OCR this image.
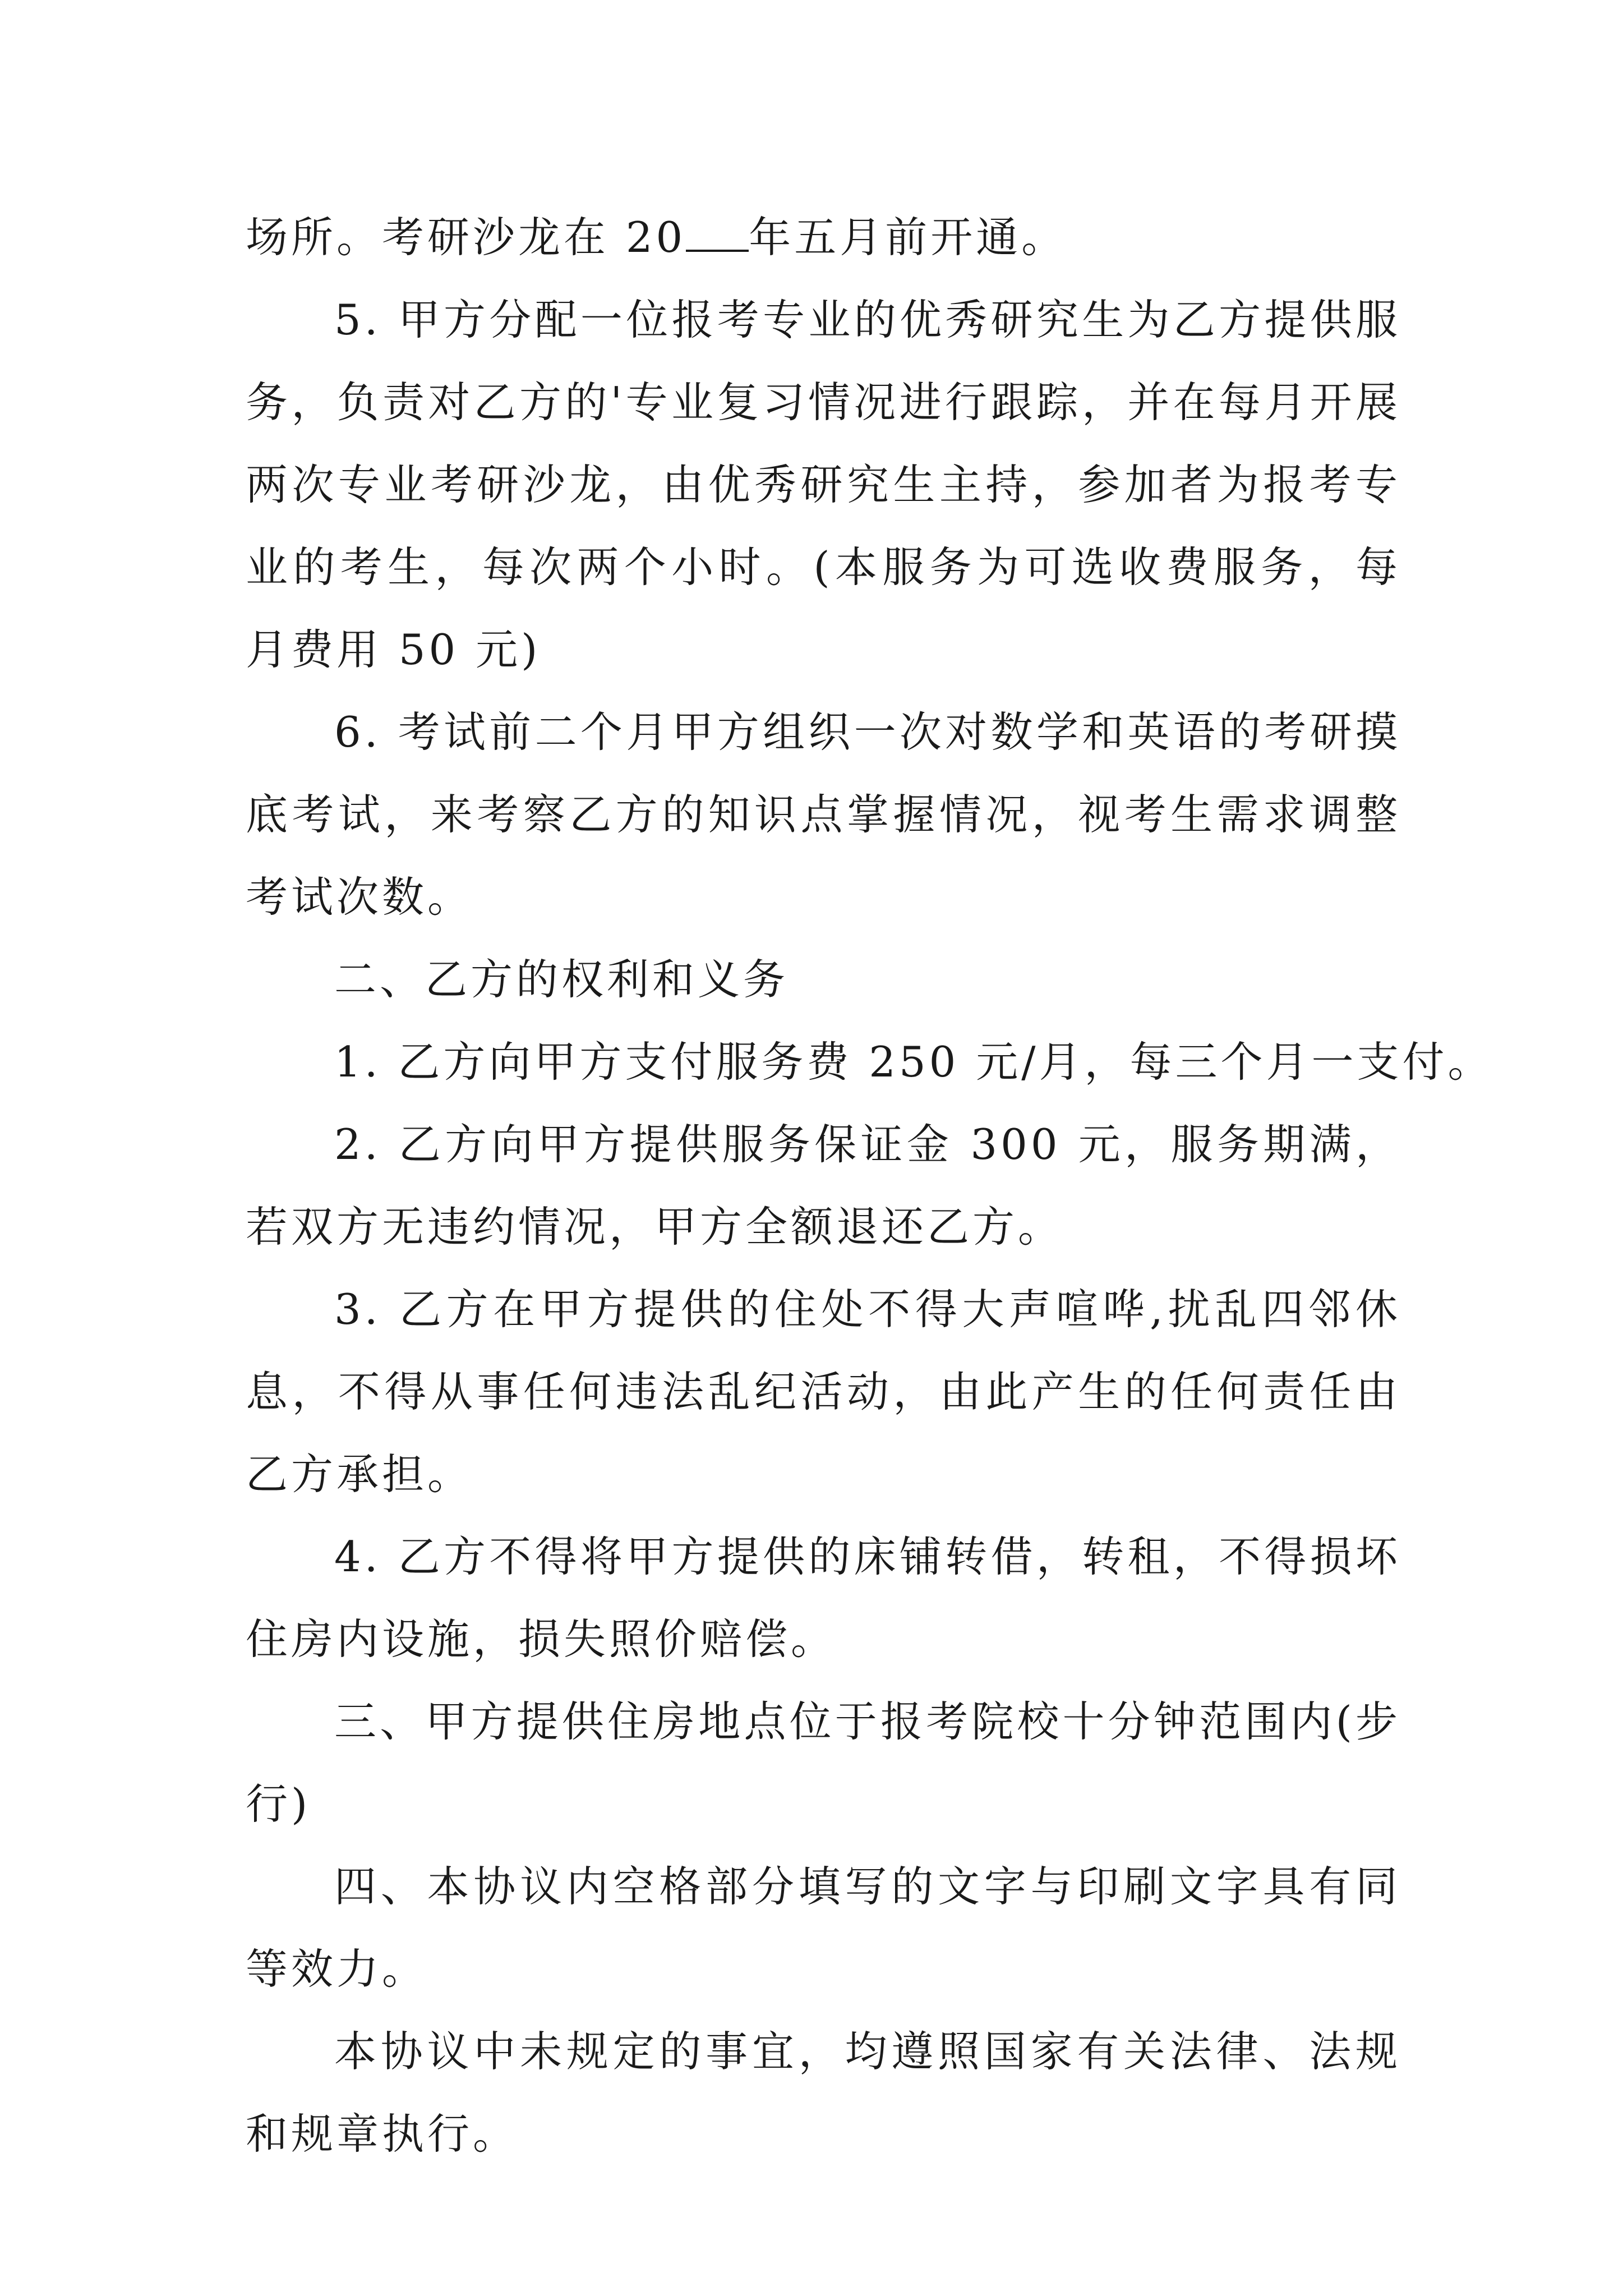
场所。考研沙龙在 20 年五月前开通。

5. 甲方分配一位报考专业的优秀研究生为乙方提供服务，负责对乙方的'专业复习情况进行跟踪，并在每月开展两次专业考研沙龙，由优秀研究生主持，参加者为报考专业的考生，每次两个小时。(本服务为可选收费服务，每月费用 50 元)

6. 考试前二个月甲方组织一次对数学和英语的考研摸底考试，来考察乙方的知识点掌握情况，视考生需求调整考试次数。

二、乙方的权利和义务

1. 乙方向甲方支付服务费 250 元/月，每三个月一支付。

2. 乙方向甲方提供服务保证金 300 元，服务期满，若双方无违约情况，甲方全额退还乙方。

3. 乙方在甲方提供的住处不得大声喧哗,扰乱四邻休息，不得从事任何违法乱纪活动，由此产生的任何责任由乙方承担。

4. 乙方不得将甲方提供的床铺转借，转租，不得损坏住房内设施，损失照价赔偿。

三、甲方提供住房地点位于报考院校十分钟范围内(步行)

四、本协议内空格部分填写的文字与印刷文字具有同等效力。

本协议中未规定的事宜，均遵照国家有关法律、法规和规章执行。
